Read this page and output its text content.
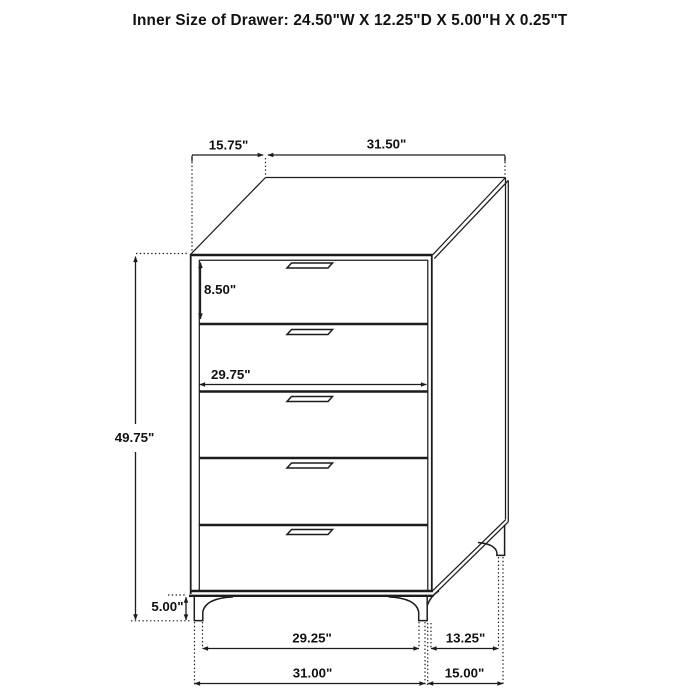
Inner Size of Drawer: 24.50"W X 12.25"D X 5.00"H X 0.25"T
15.75"	31.50"
49.75"
8.50"
29.75"
5.00"
29.25"	13.25"
31.00"	15.00"
